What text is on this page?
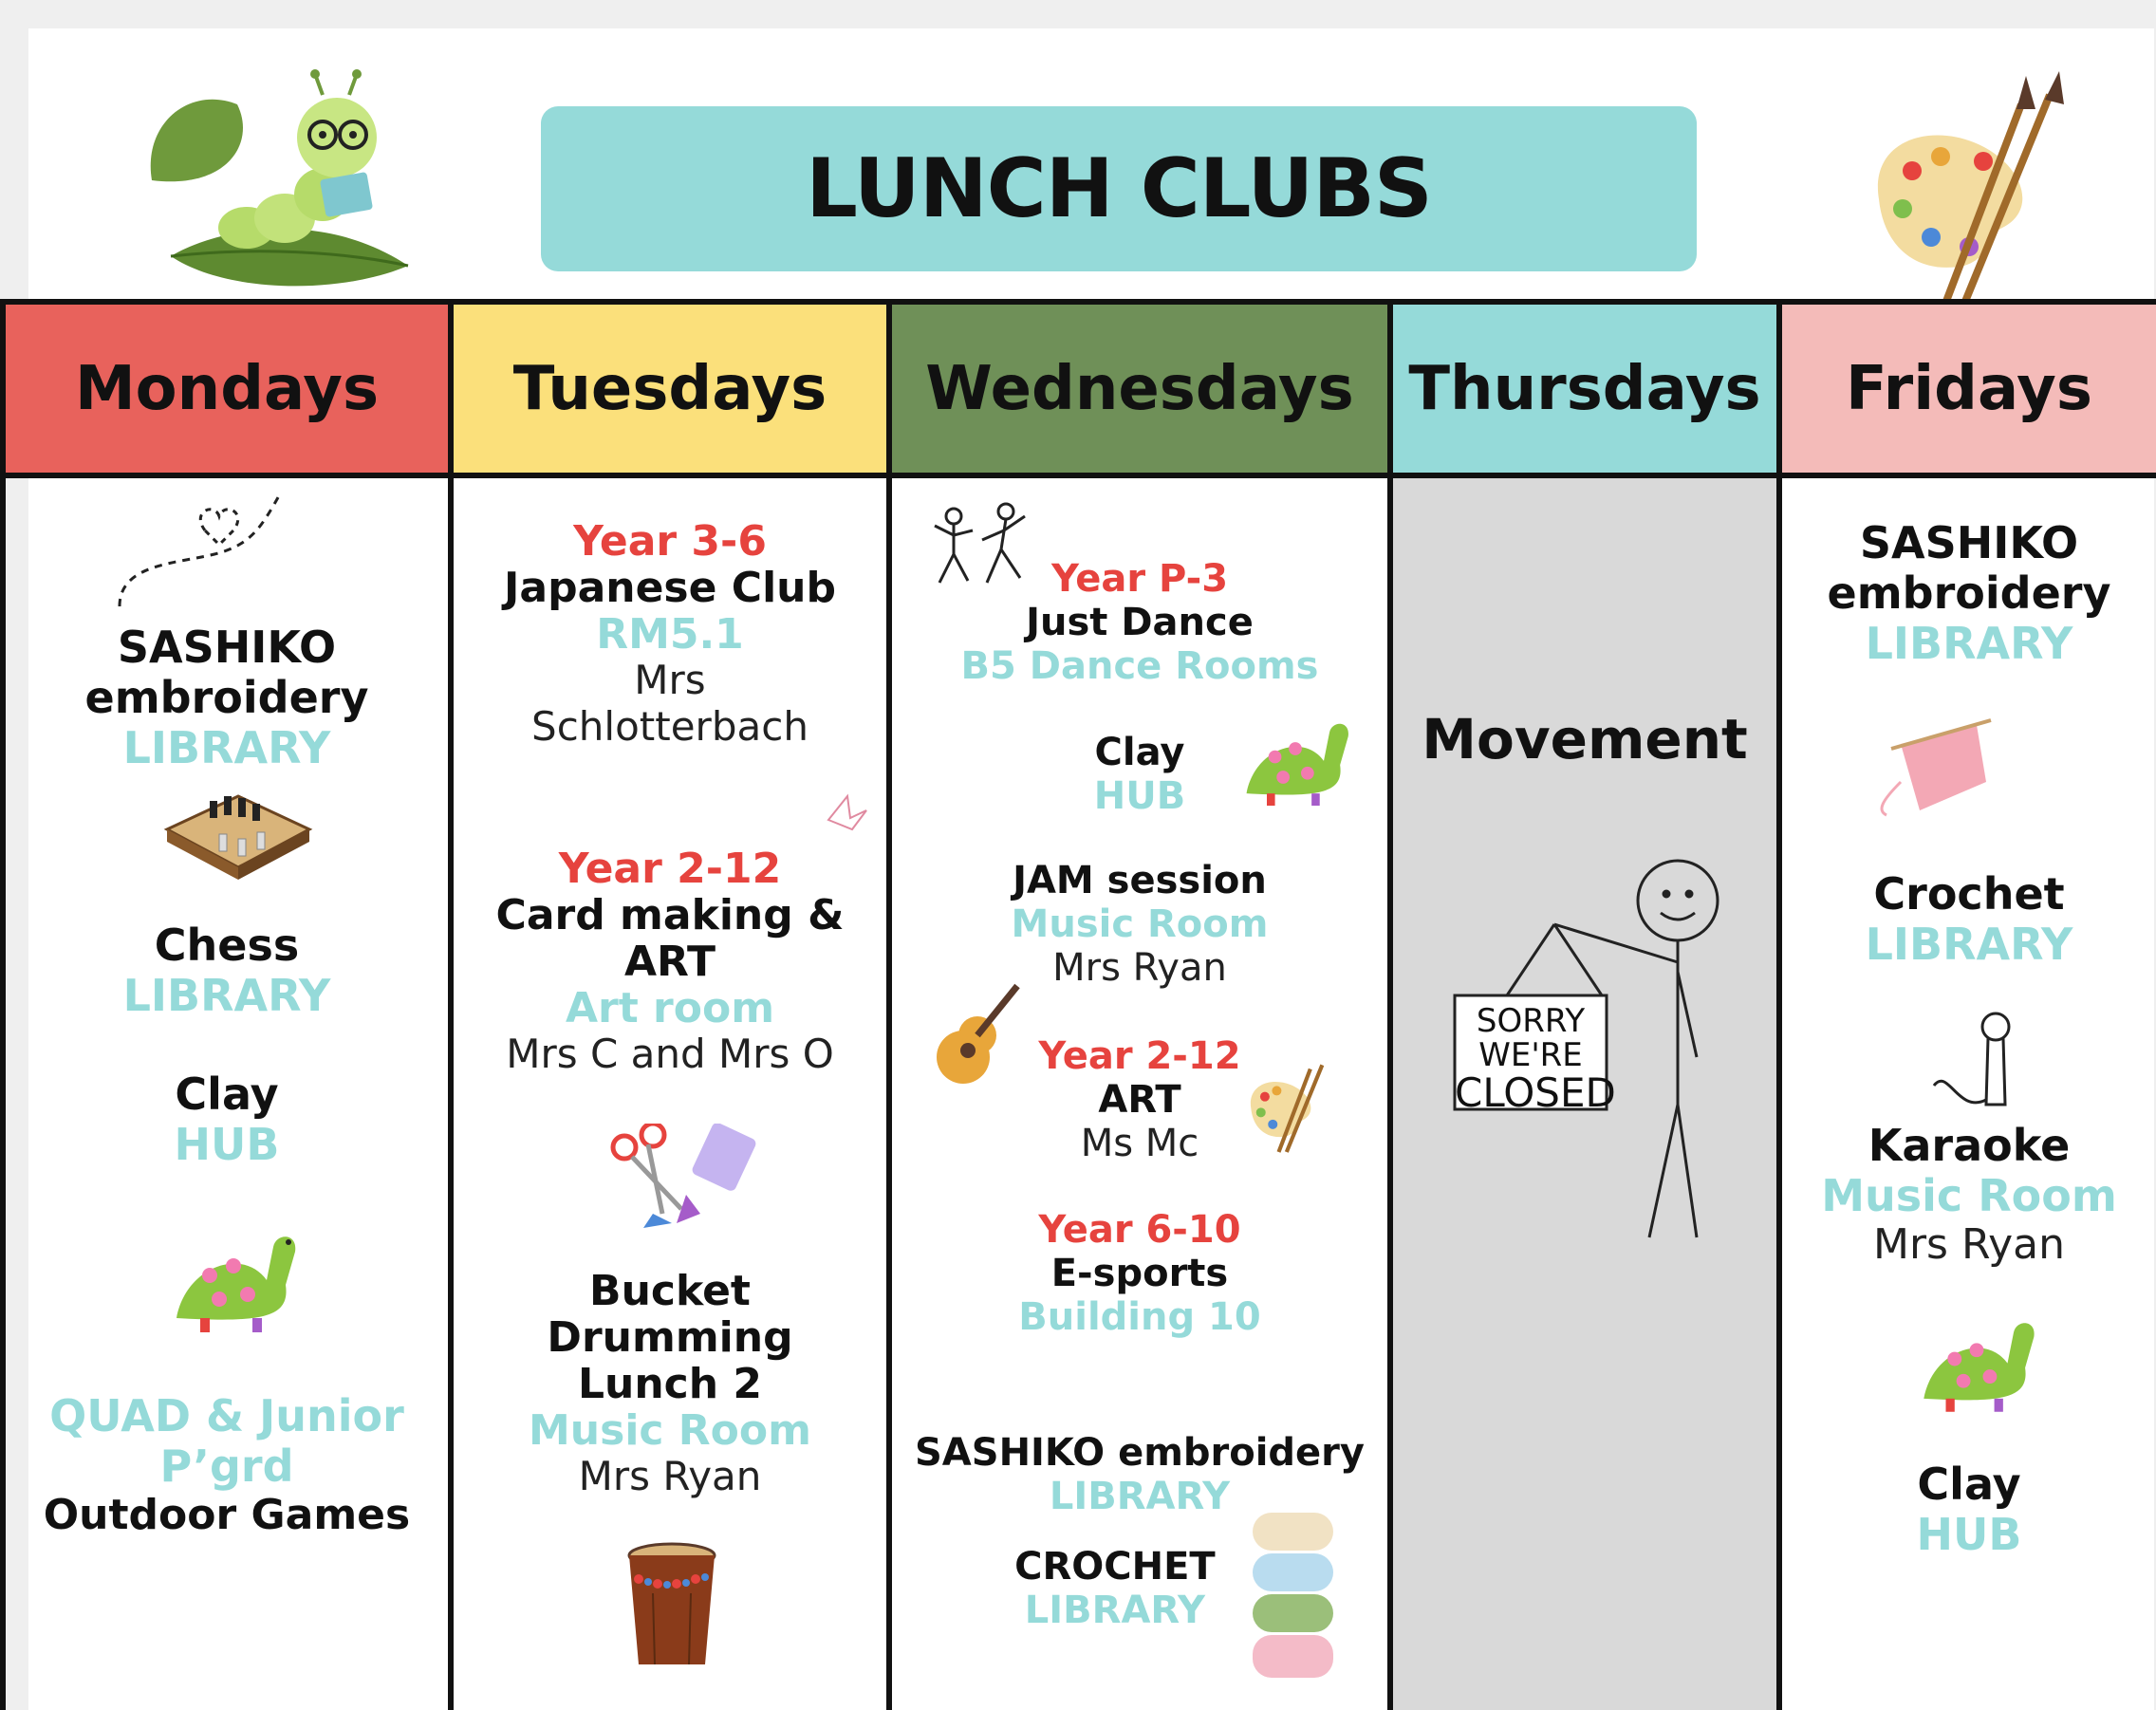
LUNCH CLUBS
Mondays
SASHIKO
embroidery
LIBRARY
Chess
LIBRARY
Clay
HUB
QUAD & Junior
P’grd
Outdoor Games
Tuesdays
Year 3-6
Japanese Club
RM5.1
Mrs
Schlotterbach
Year 2-12
Card making &
ART
Art room
Mrs C and Mrs O
Bucket
Drumming
Lunch 2
Music Room
Mrs Ryan
Wednesdays
Year P-3
Just Dance
B5 Dance Rooms
Clay
HUB
JAM session
Music Room
Mrs Ryan
Year 2-12
ART
Ms Mc
Year 6-10
E-sports
Building 10
SASHIKO embroidery
LIBRARY
CROCHET
LIBRARY
Thursdays
Movement
SORRY
WE'RE
CLOSED
Fridays
SASHIKO
embroidery
LIBRARY
Crochet
LIBRARY
Karaoke
Music Room
Mrs Ryan
Clay
HUB
